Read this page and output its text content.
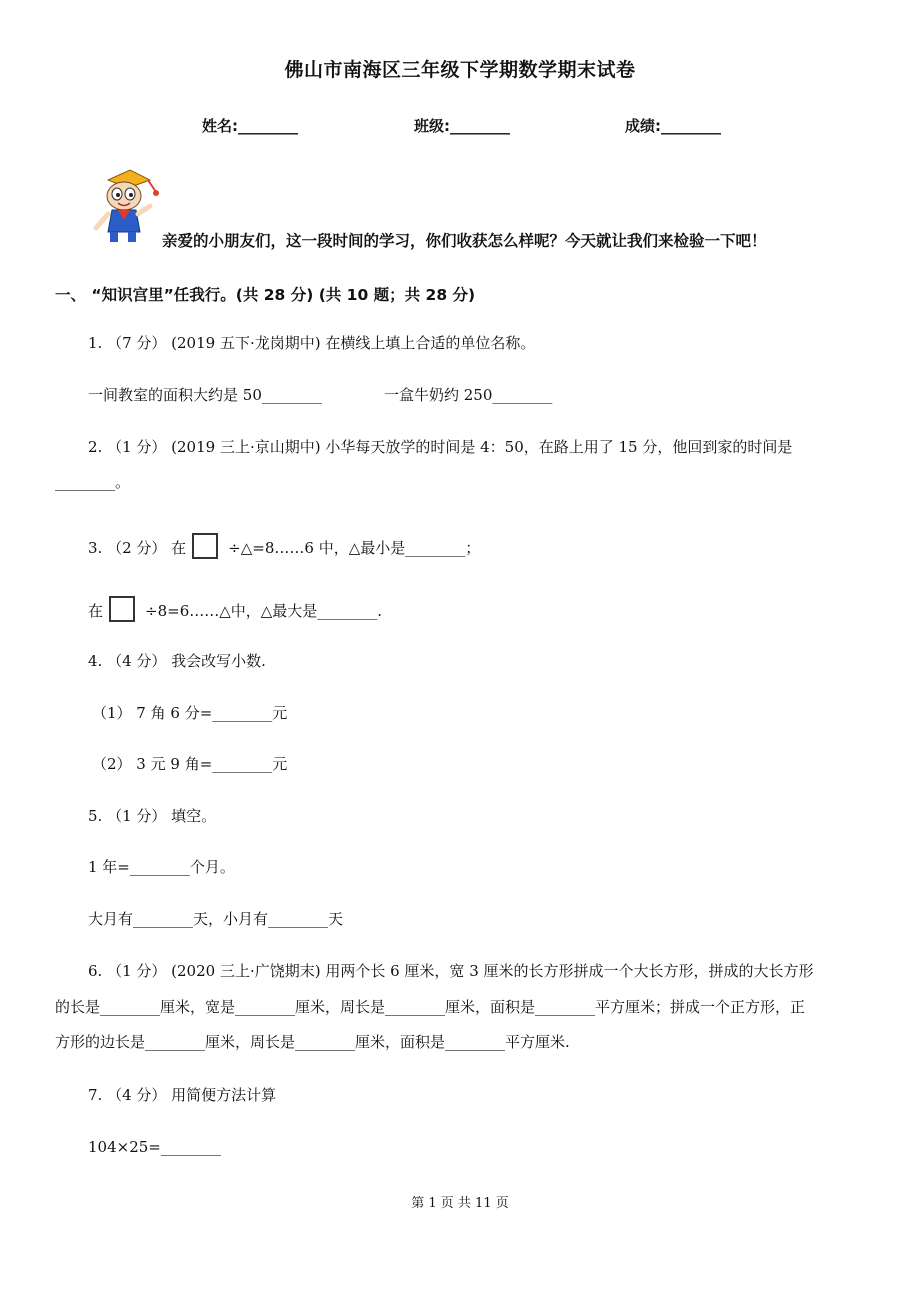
佛山市南海区三年级下学期数学期末试卷
姓名:________	班级:________	成绩:________
亲爱的小朋友们，这一段时间的学习，你们收获怎么样呢？今天就让我们来检验一下吧！
一、 “知识宫里”任我行。(共 28 分) (共 10 题；共 28 分)
1. （7 分） (2019 五下·龙岗期中) 在横线上填上合适的单位名称。
一间教室的面积大约是 50________	一盒牛奶约 250________
2. （1 分） (2019 三上·京山期中) 小华每天放学的时间是 4：50，在路上用了 15 分，他回到家的时间是
________。
3. （2 分） 在	÷△=8……6 中，△最小是________；
在	÷8=6……△中，△最大是________.
4. （4 分） 我会改写小数.
（1） 7 角 6 分=________元
（2） 3 元 9 角=________元
5. （1 分） 填空。
1 年=________个月。
大月有________天，小月有________天
6. （1 分） (2020 三上·广饶期末) 用两个长 6 厘米，宽 3 厘米的长方形拼成一个大长方形，拼成的大长方形
的长是________厘米，宽是________厘米，周长是________厘米，面积是________平方厘米；拼成一个正方形，正
方形的边长是________厘米，周长是________厘米，面积是________平方厘米.
7. （4 分） 用简便方法计算
104×25=________
第 1 页 共 11 页
